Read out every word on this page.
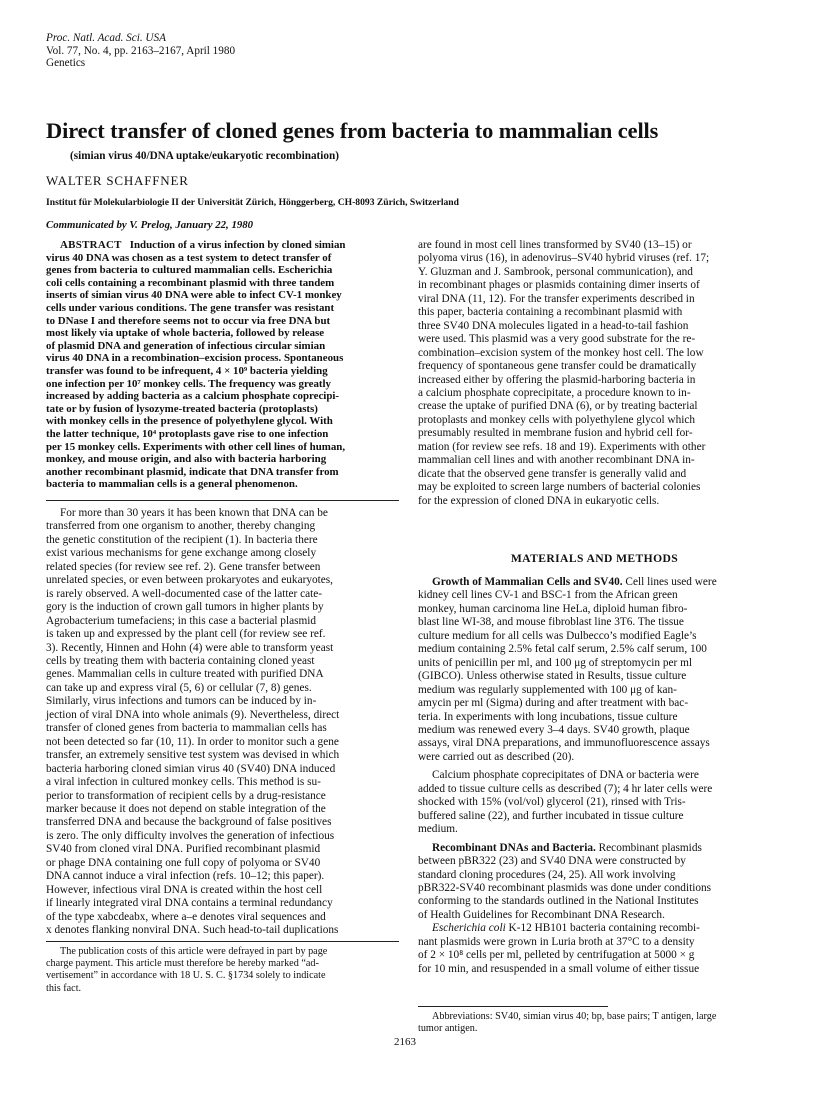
Proc. Natl. Acad. Sci. USA
Vol. 77, No. 4, pp. 2163–2167, April 1980
Genetics
Direct transfer of cloned genes from bacteria to mammalian cells
(simian virus 40/DNA uptake/eukaryotic recombination)
WALTER SCHAFFNER
Institut für Molekularbiologie II der Universität Zürich, Hönggerberg, CH-8093 Zürich, Switzerland
Communicated by V. Prelog, January 22, 1980
ABSTRACT Induction of a virus infection by cloned simian
virus 40 DNA was chosen as a test system to detect transfer of
genes from bacteria to cultured mammalian cells. Escherichia
coli cells containing a recombinant plasmid with three tandem
inserts of simian virus 40 DNA were able to infect CV-1 monkey
cells under various conditions. The gene transfer was resistant
to DNase I and therefore seems not to occur via free DNA but
most likely via uptake of whole bacteria, followed by release
of plasmid DNA and generation of infectious circular simian
virus 40 DNA in a recombination–excision process. Spontaneous
transfer was found to be infrequent, 4 × 10⁹ bacteria yielding
one infection per 10⁷ monkey cells. The frequency was greatly
increased by adding bacteria as a calcium phosphate coprecipi-
tate or by fusion of lysozyme-treated bacteria (protoplasts)
with monkey cells in the presence of polyethylene glycol. With
the latter technique, 10⁴ protoplasts gave rise to one infection
per 15 monkey cells. Experiments with other cell lines of human,
monkey, and mouse origin, and also with bacteria harboring
another recombinant plasmid, indicate that DNA transfer from
bacteria to mammalian cells is a general phenomenon.
For more than 30 years it has been known that DNA can be
transferred from one organism to another, thereby changing
the genetic constitution of the recipient (1). In bacteria there
exist various mechanisms for gene exchange among closely
related species (for review see ref. 2). Gene transfer between
unrelated species, or even between prokaryotes and eukaryotes,
is rarely observed. A well-documented case of the latter cate-
gory is the induction of crown gall tumors in higher plants by
Agrobacterium tumefaciens; in this case a bacterial plasmid
is taken up and expressed by the plant cell (for review see ref.
3). Recently, Hinnen and Hohn (4) were able to transform yeast
cells by treating them with bacteria containing cloned yeast
genes. Mammalian cells in culture treated with purified DNA
can take up and express viral (5, 6) or cellular (7, 8) genes.
Similarly, virus infections and tumors can be induced by in-
jection of viral DNA into whole animals (9). Nevertheless, direct
transfer of cloned genes from bacteria to mammalian cells has
not been detected so far (10, 11). In order to monitor such a gene
transfer, an extremely sensitive test system was devised in which
bacteria harboring cloned simian virus 40 (SV40) DNA induced
a viral infection in cultured monkey cells. This method is su-
perior to transformation of recipient cells by a drug-resistance
marker because it does not depend on stable integration of the
transferred DNA and because the background of false positives
is zero. The only difficulty involves the generation of infectious
SV40 from cloned viral DNA. Purified recombinant plasmid
or phage DNA containing one full copy of polyoma or SV40
DNA cannot induce a viral infection (refs. 10–12; this paper).
However, infectious viral DNA is created within the host cell
if linearly integrated viral DNA contains a terminal redundancy
of the type xabcdeabx, where a–e denotes viral sequences and
x denotes flanking nonviral DNA. Such head-to-tail duplications
The publication costs of this article were defrayed in part by page
charge payment. This article must therefore be hereby marked “ad-
vertisement” in accordance with 18 U. S. C. §1734 solely to indicate
this fact.
are found in most cell lines transformed by SV40 (13–15) or
polyoma virus (16), in adenovirus–SV40 hybrid viruses (ref. 17;
Y. Gluzman and J. Sambrook, personal communication), and
in recombinant phages or plasmids containing dimer inserts of
viral DNA (11, 12). For the transfer experiments described in
this paper, bacteria containing a recombinant plasmid with
three SV40 DNA molecules ligated in a head-to-tail fashion
were used. This plasmid was a very good substrate for the re-
combination–excision system of the monkey host cell. The low
frequency of spontaneous gene transfer could be dramatically
increased either by offering the plasmid-harboring bacteria in
a calcium phosphate coprecipitate, a procedure known to in-
crease the uptake of purified DNA (6), or by treating bacterial
protoplasts and monkey cells with polyethylene glycol which
presumably resulted in membrane fusion and hybrid cell for-
mation (for review see refs. 18 and 19). Experiments with other
mammalian cell lines and with another recombinant DNA in-
dicate that the observed gene transfer is generally valid and
may be exploited to screen large numbers of bacterial colonies
for the expression of cloned DNA in eukaryotic cells.
MATERIALS AND METHODS
Growth of Mammalian Cells and SV40. Cell lines used were
kidney cell lines CV-1 and BSC-1 from the African green
monkey, human carcinoma line HeLa, diploid human fibro-
blast line WI-38, and mouse fibroblast line 3T6. The tissue
culture medium for all cells was Dulbecco’s modified Eagle’s
medium containing 2.5% fetal calf serum, 2.5% calf serum, 100
units of penicillin per ml, and 100 μg of streptomycin per ml
(GIBCO). Unless otherwise stated in Results, tissue culture
medium was regularly supplemented with 100 μg of kan-
amycin per ml (Sigma) during and after treatment with bac-
teria. In experiments with long incubations, tissue culture
medium was renewed every 3–4 days. SV40 growth, plaque
assays, viral DNA preparations, and immunofluorescence assays
were carried out as described (20).
Calcium phosphate coprecipitates of DNA or bacteria were
added to tissue culture cells as described (7); 4 hr later cells were
shocked with 15% (vol/vol) glycerol (21), rinsed with Tris-
buffered saline (22), and further incubated in tissue culture
medium.
Recombinant DNAs and Bacteria. Recombinant plasmids
between pBR322 (23) and SV40 DNA were constructed by
standard cloning procedures (24, 25). All work involving
pBR322-SV40 recombinant plasmids was done under conditions
conforming to the standards outlined in the National Institutes
of Health Guidelines for Recombinant DNA Research.
Escherichia coli K-12 HB101 bacteria containing recombi-
nant plasmids were grown in Luria broth at 37°C to a density
of 2 × 10⁸ cells per ml, pelleted by centrifugation at 5000 × g
for 10 min, and resuspended in a small volume of either tissue
Abbreviations: SV40, simian virus 40; bp, base pairs; T antigen, large
tumor antigen.
2163
